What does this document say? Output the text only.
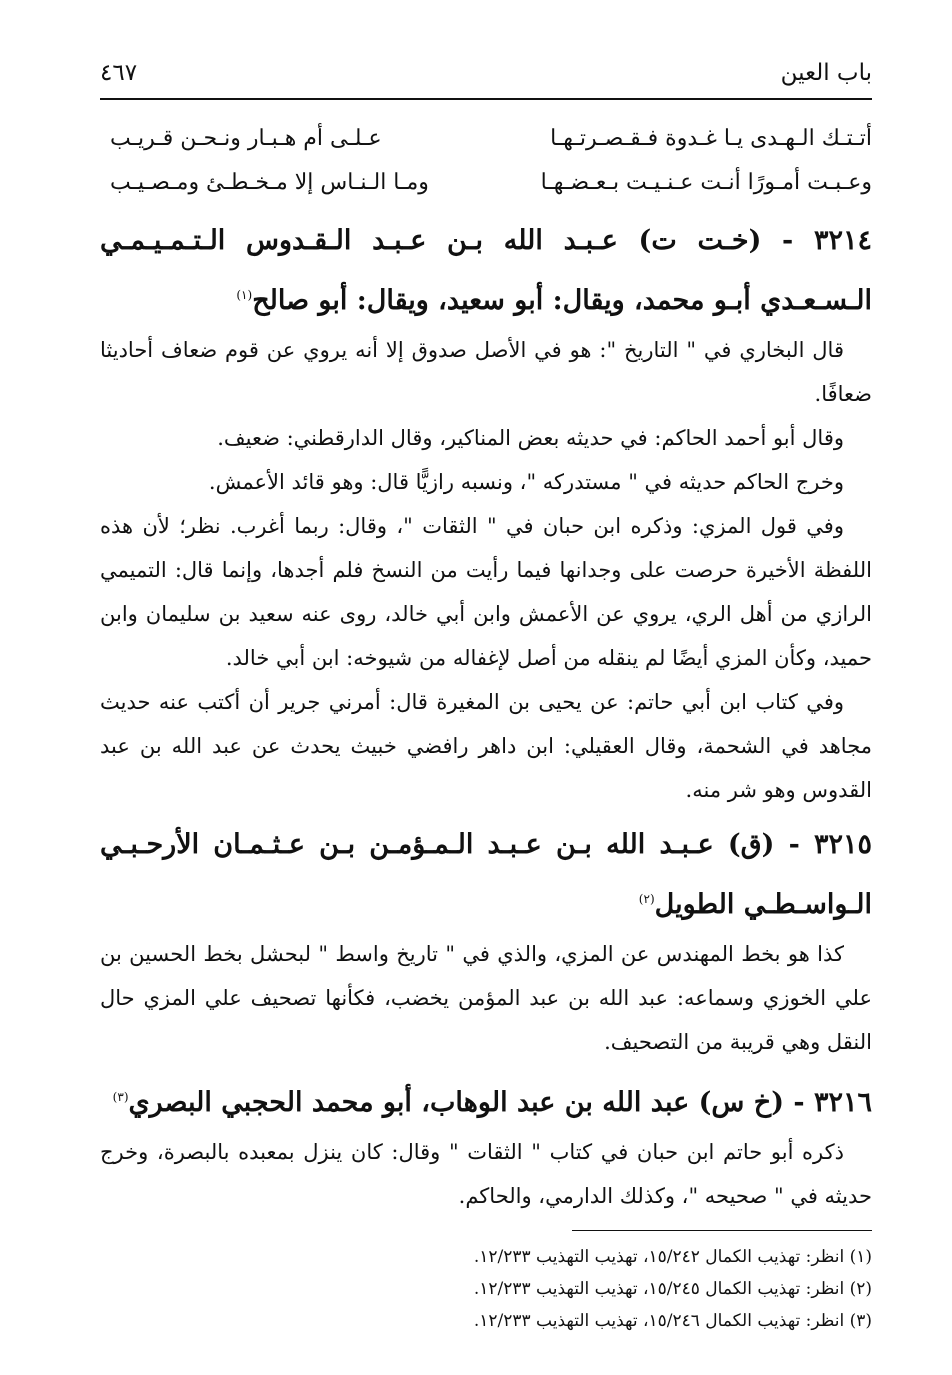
باب العين
٤٦٧
أتـتـك الـهـدى يـا غـدوة فـقـصـرتـهـا
عـلـى أم هـبـار ونـحـن قـريـب
وعـبـت أمـورًا أنـت عـنـيـت بـعـضـهـا
ومـا الـنـاس إلا مـخـطـئ ومـصـيـب
٣٢١٤ - (خـت ت) عـبـد الله بـن عـبـد الـقـدوس الـتـمـيـمـي الـسـعـدي أبـو محمد، ويقال: أبو سعيد، ويقال: أبو صالح$^{(١)}$

قال البخاري في " التاريخ ": هو في الأصل صدوق إلا أنه يروي عن قوم ضعاف أحاديثا ضعافًا.

وقال أبو أحمد الحاكم: في حديثه بعض المناكير، وقال الدارقطني: ضعيف.

وخرج الحاكم حديثه في " مستدركه "، ونسبه رازيًّا قال: وهو قائد الأعمش.

وفي قول المزي: وذكره ابن حبان في " الثقات "، وقال: ربما أغرب. نظر؛ لأن هذه اللفظة الأخيرة حرصت على وجدانها فيما رأيت من النسخ فلم أجدها، وإنما قال: التميمي الرازي من أهل الري، يروي عن الأعمش وابن أبي خالد، روى عنه سعيد بن سليمان وابن حميد، وكأن المزي أيضًا لم ينقله من أصل لإغفاله من شيوخه: ابن أبي خالد.

وفي كتاب ابن أبي حاتم: عن يحيى بن المغيرة قال: أمرني جرير أن أكتب عنه حديث مجاهد في الشحمة، وقال العقيلي: ابن داهر رافضي خبيث يحدث عن عبد الله بن عبد القدوس وهو شر منه.

٣٢١٥ - (ق) عـبـد الله بـن عـبـد الـمـؤمـن بـن عـثـمـان الأرحـبـي الـواسـطـي الطويل$^{(٢)}$

كذا هو بخط المهندس عن المزي، والذي في " تاريخ واسط " لبحشل بخط الحسين بن علي الخوزي وسماعه: عبد الله بن عبد المؤمن يخضب، فكأنها تصحيف علي المزي حال النقل وهي قريبة من التصحيف.

٣٢١٦ - (خ س) عبد الله بن عبد الوهاب، أبو محمد الحجبي البصري$^{(٣)}$

ذكره أبو حاتم ابن حبان في كتاب " الثقات " وقال: كان ينزل بمعبده بالبصرة، وخرج حديثه في " صحيحه "، وكذلك الدارمي، والحاكم.

(١) انظر: تهذيب الكمال ١٥/٢٤٢، تهذيب التهذيب ١٢/٢٣٣.

(٢) انظر: تهذيب الكمال ١٥/٢٤٥، تهذيب التهذيب ١٢/٢٣٣.

(٣) انظر: تهذيب الكمال ١٥/٢٤٦، تهذيب التهذيب ١٢/٢٣٣.
